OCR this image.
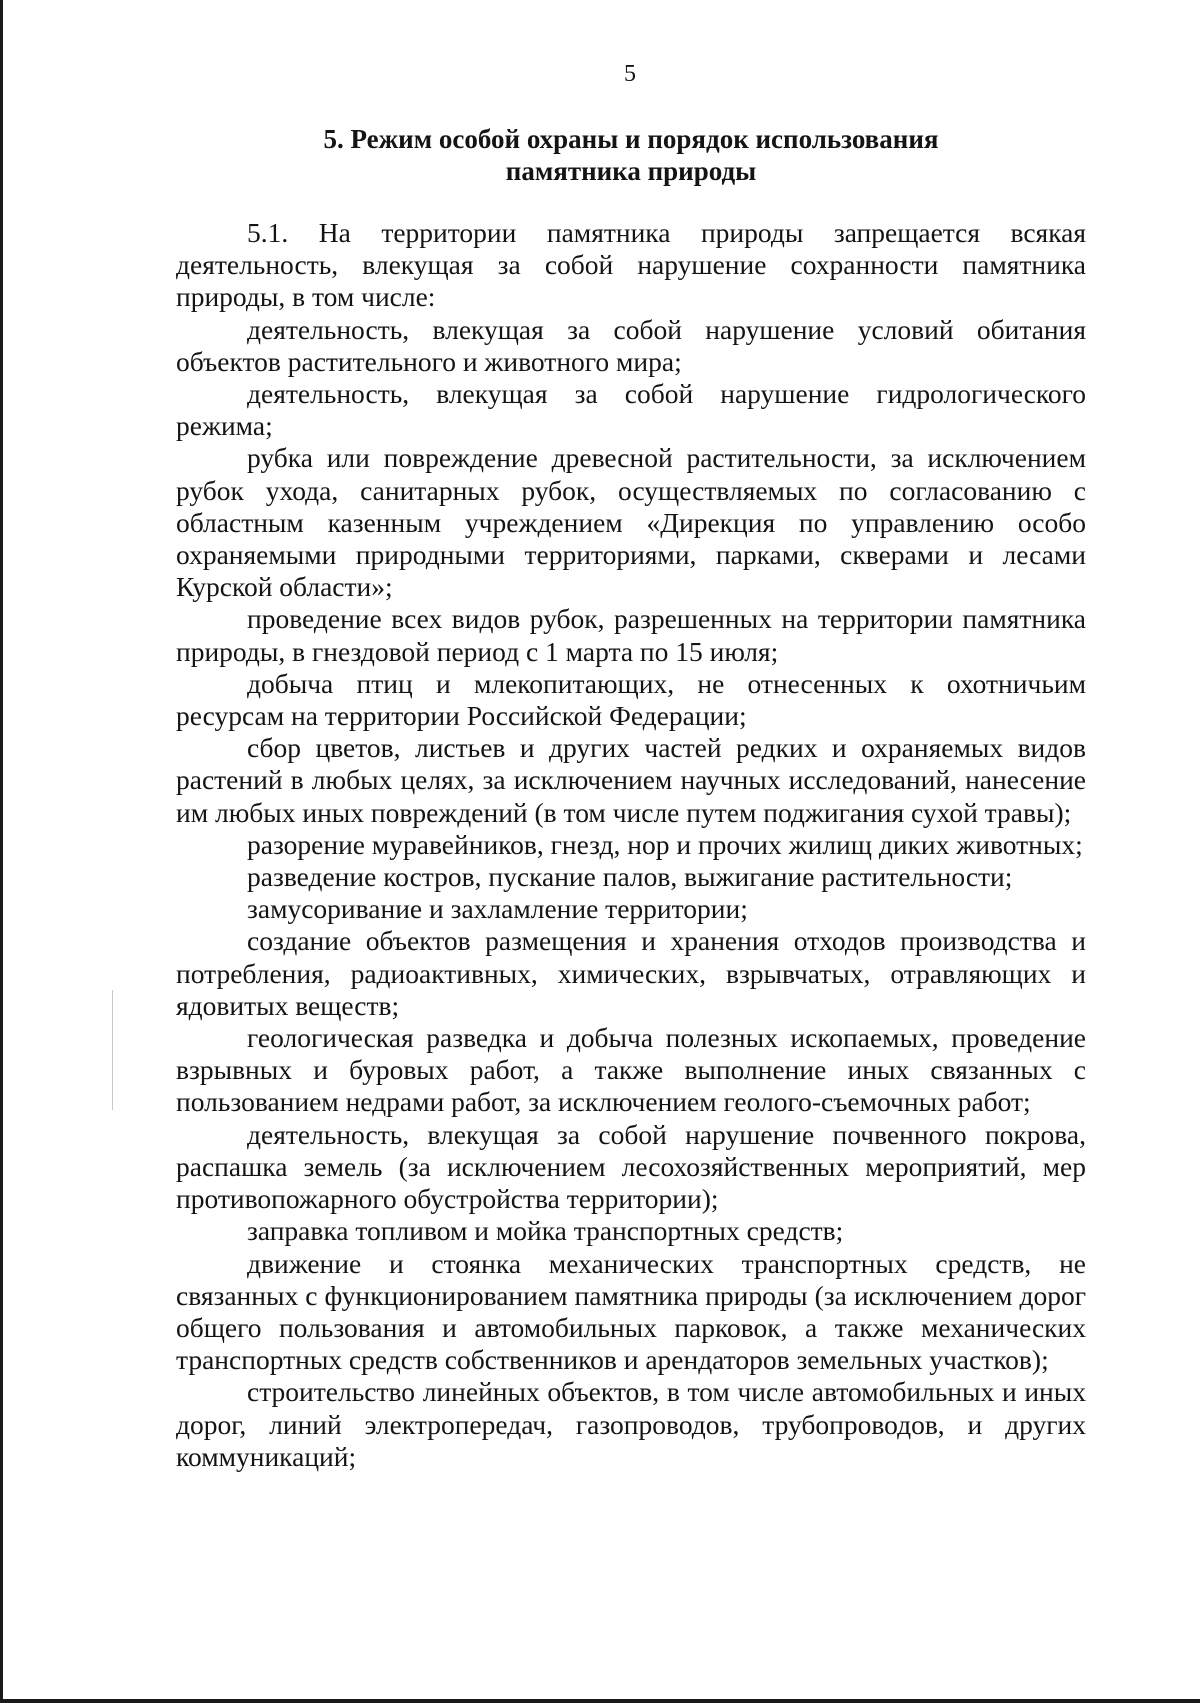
5
5. Режим особой охраны и порядок использования
памятника природы

5.1. На территории памятника природы запрещается всякая деятельность, влекущая за собой нарушение сохранности памятника природы, в том числе:

деятельность, влекущая за собой нарушение условий обитания объектов растительного и животного мира;

деятельность, влекущая за собой нарушение гидрологического режима;

рубка или повреждение древесной растительности, за исключением рубок ухода, санитарных рубок, осуществляемых по согласованию с областным казенным учреждением «Дирекция по управлению особо охраняемыми природными территориями, парками, скверами и лесами Курской области»;

проведение всех видов рубок, разрешенных на территории памятника природы, в гнездовой период с 1 марта по 15 июля;

добыча птиц и млекопитающих, не отнесенных к охотничьим ресурсам на территории Российской Федерации;

сбор цветов, листьев и других частей редких и охраняемых видов растений в любых целях, за исключением научных исследований, нанесение им любых иных повреждений (в том числе путем поджигания сухой травы);

разорение муравейников, гнезд, нор и прочих жилищ диких животных;

разведение костров, пускание палов, выжигание растительности;

замусоривание и захламление территории;

создание объектов размещения и хранения отходов производства и потребления, радиоактивных, химических, взрывчатых, отравляющих и ядовитых веществ;

геологическая разведка и добыча полезных ископаемых, проведение взрывных и буровых работ, а также выполнение иных связанных с пользованием недрами работ, за исключением геолого-съемочных работ;

деятельность, влекущая за собой нарушение почвенного покрова, распашка земель (за исключением лесохозяйственных мероприятий, мер противопожарного обустройства территории);

заправка топливом и мойка транспортных средств;

движение и стоянка механических транспортных средств, не связанных с функционированием памятника природы (за исключением дорог общего пользования и автомобильных парковок, а также механических транспортных средств собственников и арендаторов земельных участков);

строительство линейных объектов, в том числе автомобильных и иных дорог, линий электропередач, газопроводов, трубопроводов, и других коммуникаций;
